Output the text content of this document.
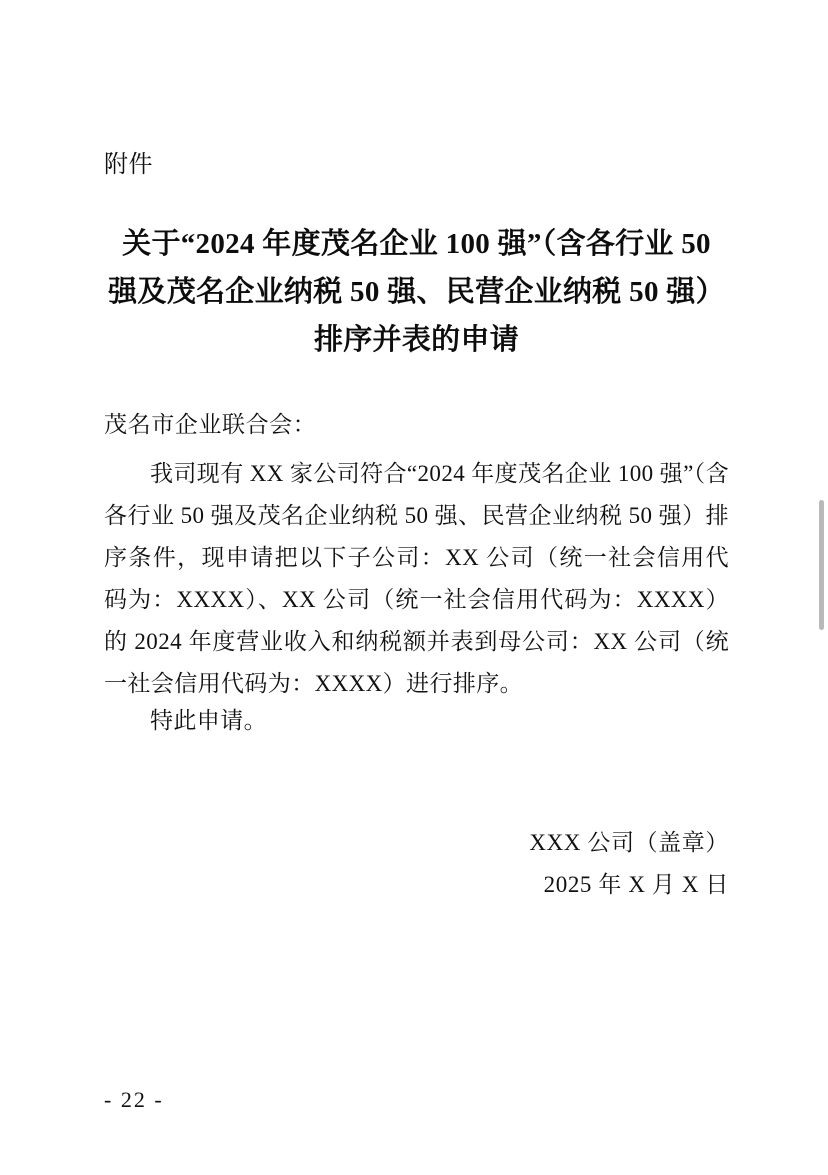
附件
关于“2024 年度茂名企业 100 强”（含各行业 50 强及茂名企业纳税 50 强、民营企业纳税 50 强）排序并表的申请
茂名市企业联合会：
我司现有 XX 家公司符合“2024 年度茂名企业 100 强”（含各行业 50 强及茂名企业纳税 50 强、民营企业纳税 50 强）排序条件，现申请把以下子公司：XX 公司（统一社会信用代码为：XXXX）、XX 公司（统一社会信用代码为：XXXX）的 2024 年度营业收入和纳税额并表到母公司：XX 公司（统一社会信用代码为：XXXX）进行排序。
特此申请。
XXX 公司（盖章）
2025 年 X 月 X 日
- 22 -
